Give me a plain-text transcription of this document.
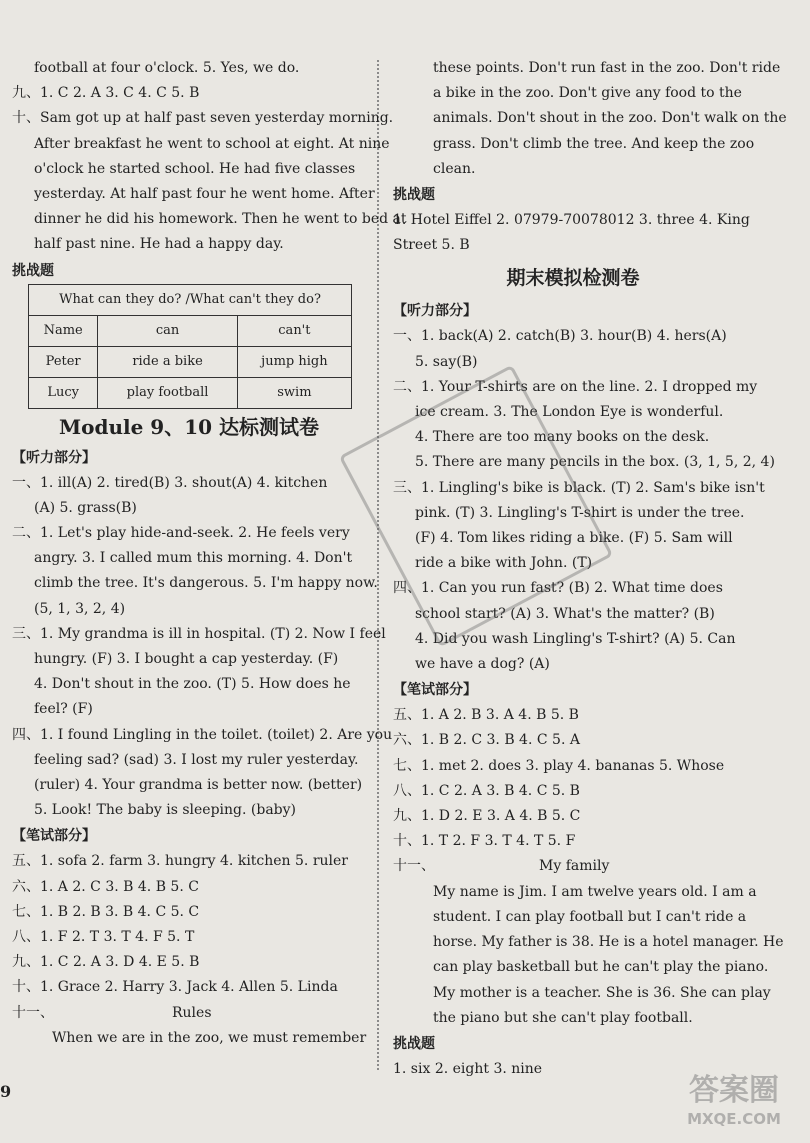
football at four o'clock. 5. Yes, we do.
九、1. C 2. A 3. C 4. C 5. B
十、Sam got up at half past seven yesterday morning.
After breakfast he went to school at eight. At nine
o'clock he started school. He had five classes
yesterday. At half past four he went home. After
dinner he did his homework. Then he went to bed at
half past nine. He had a happy day.
挑战题
What can they do? /What can't they do?		
Name	can	can't
Peter	ride a bike	jump high
Lucy	play football	swim
Module 9、10 达标测试卷
【听力部分】
一、1. ill(A) 2. tired(B) 3. shout(A) 4. kitchen
(A) 5. grass(B)
二、1. Let's play hide-and-seek. 2. He feels very
angry. 3. I called mum this morning. 4. Don't
climb the tree. It's dangerous. 5. I'm happy now.
(5, 1, 3, 2, 4)
三、1. My grandma is ill in hospital. (T) 2. Now I feel
hungry. (F) 3. I bought a cap yesterday. (F)
4. Don't shout in the zoo. (T) 5. How does he
feel? (F)
四、1. I found Lingling in the toilet. (toilet) 2. Are you
feeling sad? (sad) 3. I lost my ruler yesterday.
(ruler) 4. Your grandma is better now. (better)
5. Look! The baby is sleeping. (baby)
【笔试部分】
五、1. sofa 2. farm 3. hungry 4. kitchen 5. ruler
六、1. A 2. C 3. B 4. B 5. C
七、1. B 2. B 3. B 4. C 5. C
八、1. F 2. T 3. T 4. F 5. T
九、1. C 2. A 3. D 4. E 5. B
十、1. Grace 2. Harry 3. Jack 4. Allen 5. Linda
十一、	Rules
When we are in the zoo, we must remember
these points. Don't run fast in the zoo. Don't ride
a bike in the zoo. Don't give any food to the
animals. Don't shout in the zoo. Don't walk on the
grass. Don't climb the tree. And keep the zoo
clean.
挑战题
1. Hotel Eiffel 2. 07979-70078012 3. three 4. King
Street 5. B
期末模拟检测卷
【听力部分】
一、1. back(A) 2. catch(B) 3. hour(B) 4. hers(A)
5. say(B)
二、1. Your T-shirts are on the line. 2. I dropped my
ice cream. 3. The London Eye is wonderful.
4. There are too many books on the desk.
5. There are many pencils in the box. (3, 1, 5, 2, 4)
三、1. Lingling's bike is black. (T) 2. Sam's bike isn't
pink. (T) 3. Lingling's T-shirt is under the tree.
(F) 4. Tom likes riding a bike. (F) 5. Sam will
ride a bike with John. (T)
四、1. Can you run fast? (B) 2. What time does
school start? (A) 3. What's the matter? (B)
4. Did you wash Lingling's T-shirt? (A) 5. Can
we have a dog? (A)
【笔试部分】
五、1. A 2. B 3. A 4. B 5. B
六、1. B 2. C 3. B 4. C 5. A
七、1. met 2. does 3. play 4. bananas 5. Whose
八、1. C 2. A 3. B 4. C 5. B
九、1. D 2. E 3. A 4. B 5. C
十、1. T 2. F 3. T 4. T 5. F
十一、	My family
My name is Jim. I am twelve years old. I am a
student. I can play football but I can't ride a
horse. My father is 38. He is a hotel manager. He
can play basketball but he can't play the piano.
My mother is a teacher. She is 36. She can play
the piano but she can't play football.
挑战题
1. six 2. eight 3. nine
9	答案圈
MXQE.COM
